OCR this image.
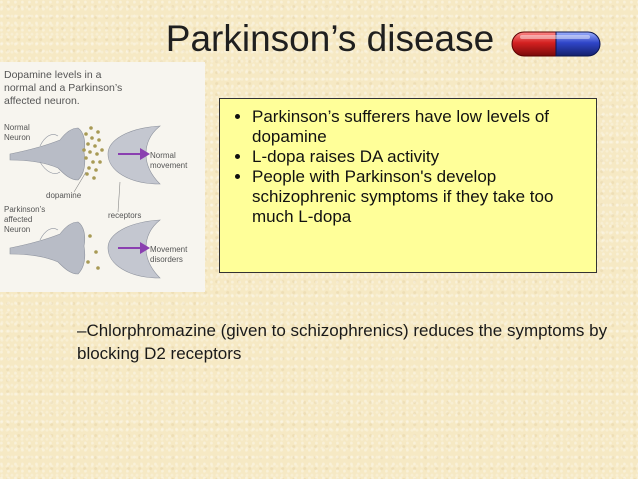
Parkinson’s disease
Dopamine levels in a
normal and a Parkinson’s
affected neuron.
Normal
Neuron
Normal
movement
dopamine
receptors
Parkinson’s
affected
Neuron
Movement
disorders
• Parkinson’s sufferers have low levels of dopamine
• L-dopa raises DA activity
• People with Parkinson's develop schizophrenic symptoms if they take too much L-dopa
–Chlorphromazine (given to schizophrenics) reduces the symptoms by blocking D2 receptors
